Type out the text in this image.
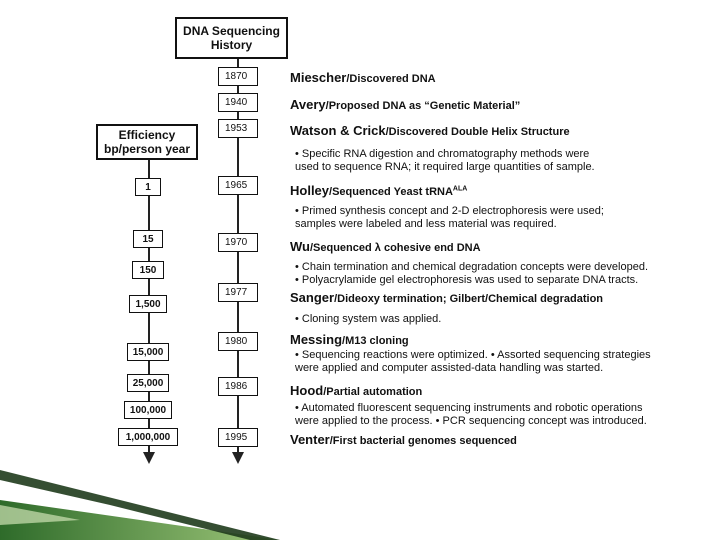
DNA Sequencing
History
Efficiency
bp/person year
1
15
150
1,500
15,000
25,000
100,000
1,000,000
1870
1940
1953
1965
1970
1977
1980
1986
1995
Miescher/Discovered DNA
Avery/Proposed DNA as “Genetic Material”
Watson & Crick/Discovered Double Helix Structure
Holley/Sequenced Yeast tRNA$^{ALA}$
Wu/Sequenced λ cohesive end DNA
Sanger/Dideoxy termination; Gilbert/Chemical degradation
Messing/M13 cloning
Hood/Partial automation
Venter/First bacterial genomes sequenced
• Specific RNA digestion and chromatography methods were
used to sequence RNA; it required large quantities of sample.
• Primed synthesis concept and 2-D electrophoresis were used;
samples were labeled and less material was required.
• Chain termination and chemical degradation concepts were developed.
• Polyacrylamide gel electrophoresis was used to separate DNA tracts.
• Cloning system was applied.
• Sequencing reactions were optimized. • Assorted sequencing strategies
were applied and computer assisted-data handling was started.
• Automated fluorescent sequencing instruments and robotic operations
were applied to the process. • PCR sequencing concept was introduced.
